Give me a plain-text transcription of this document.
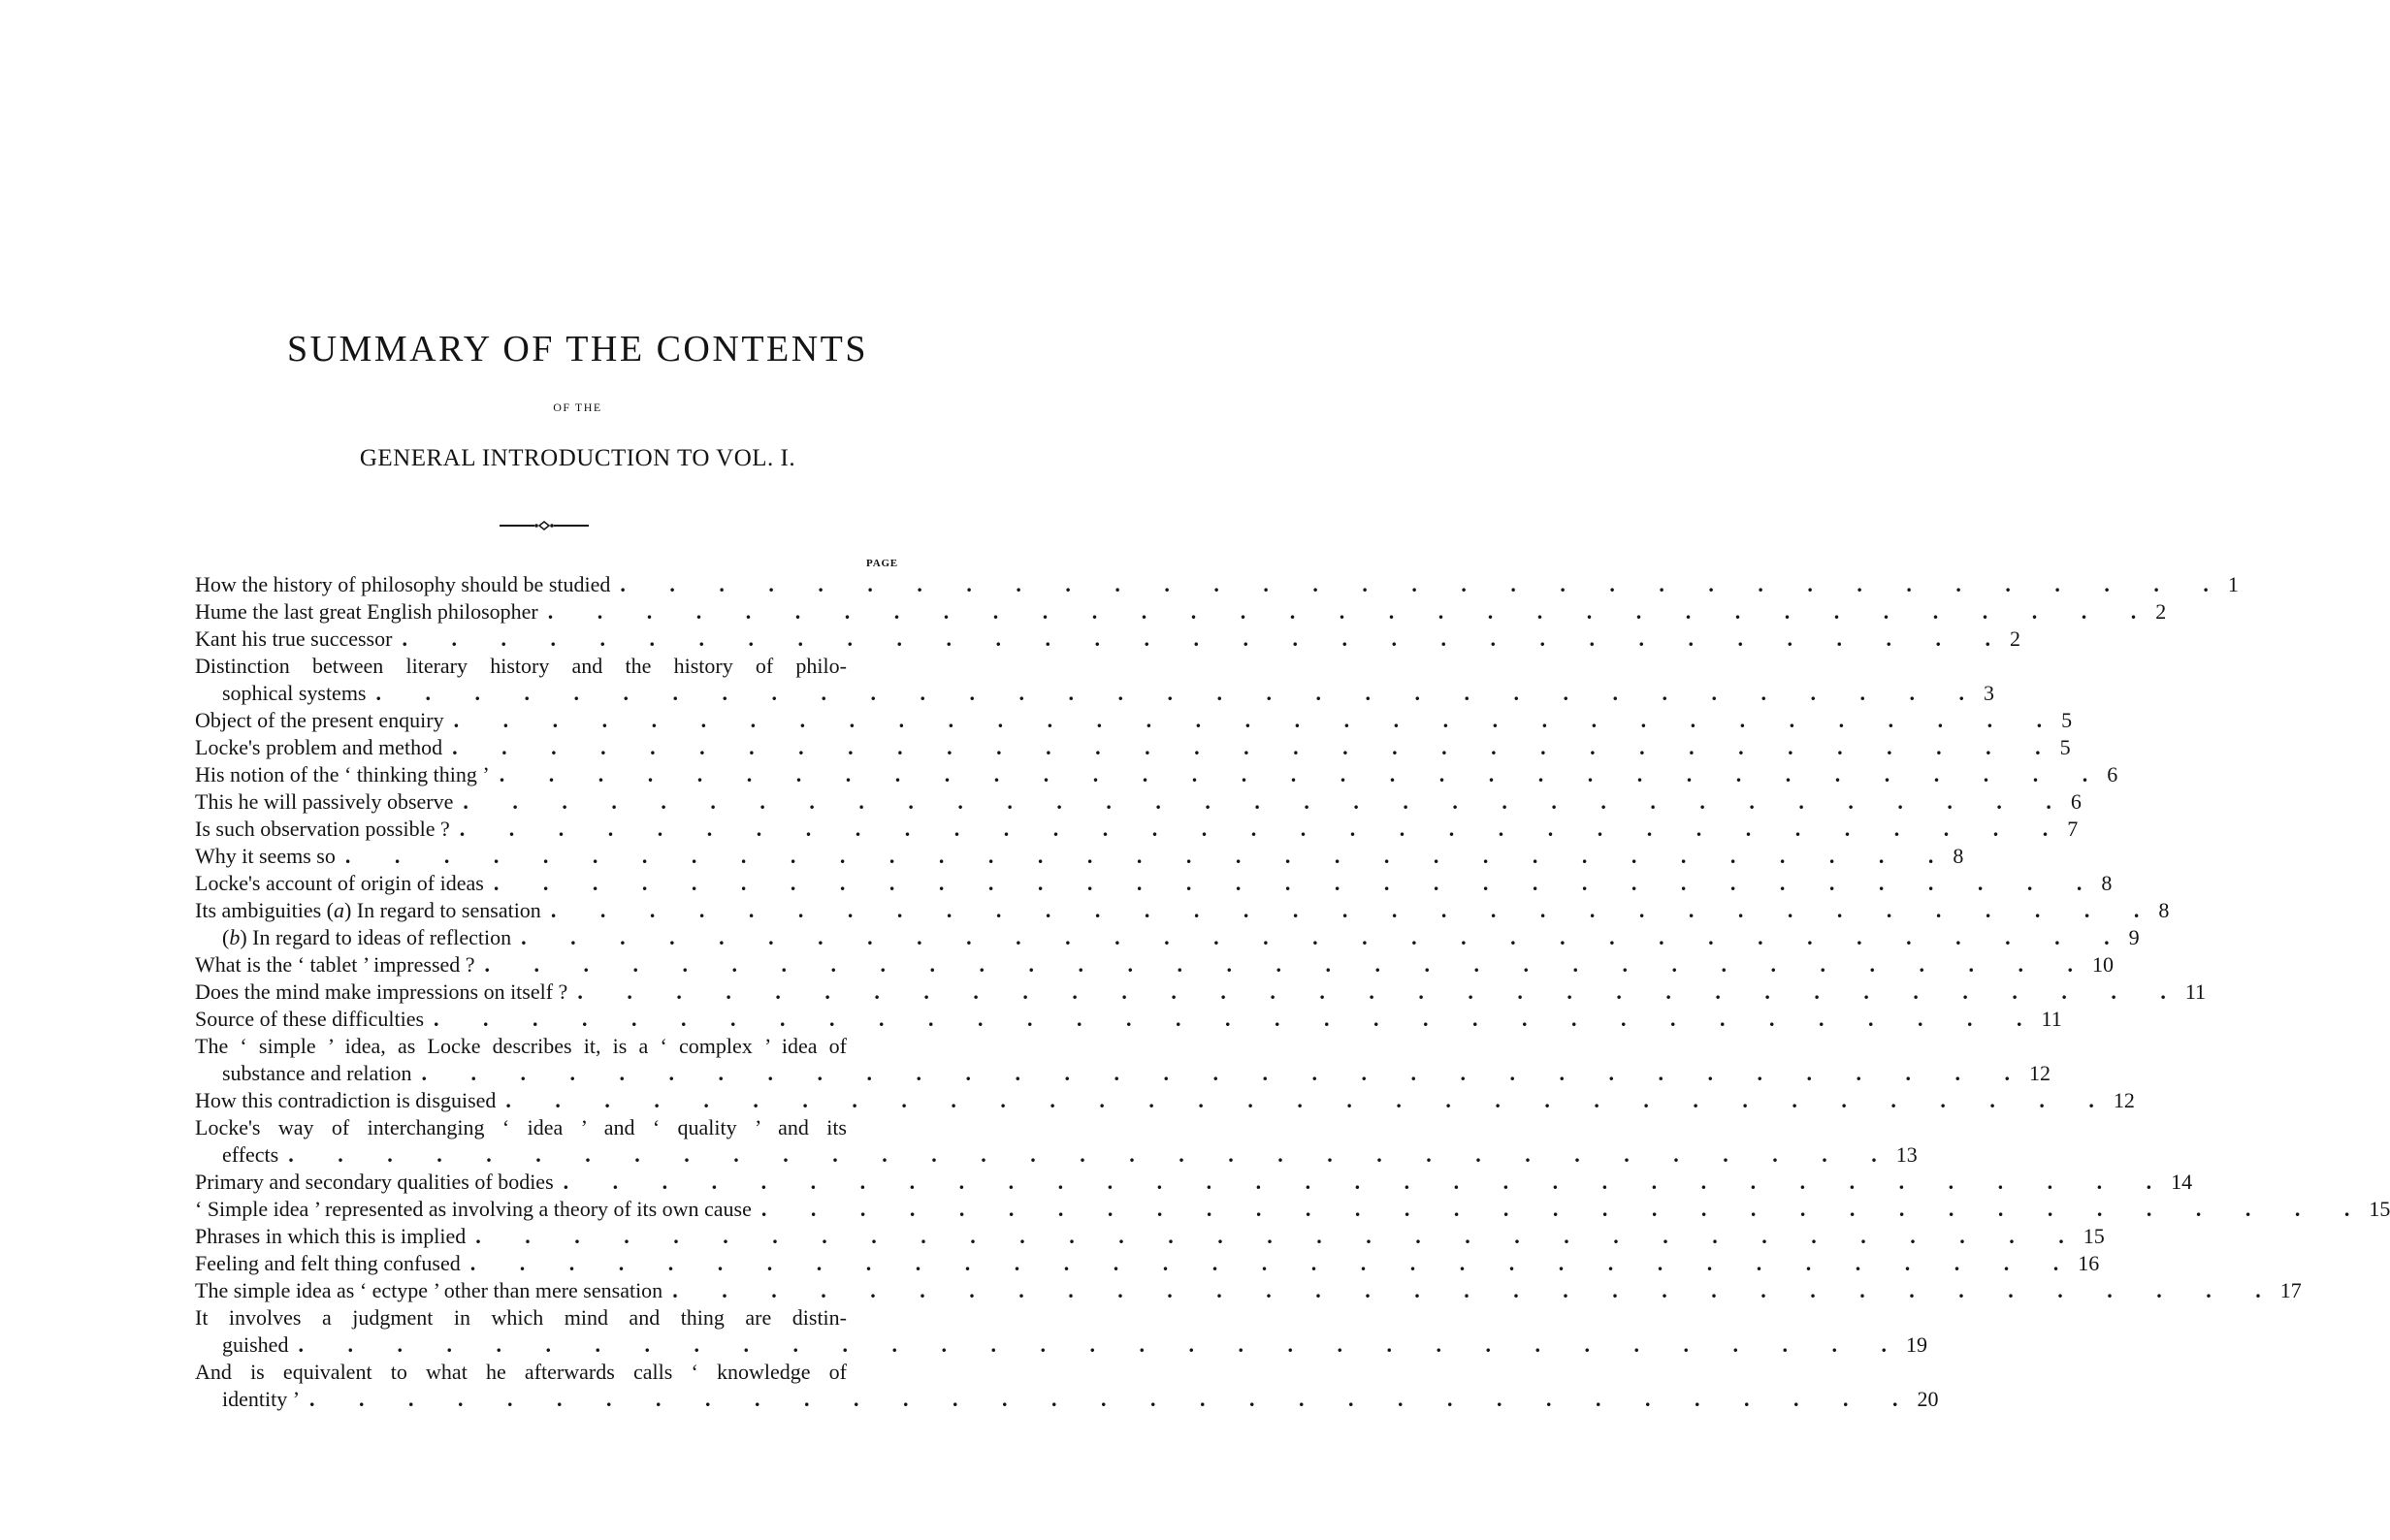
SUMMARY OF THE CONTENTS
OF THE
GENERAL INTRODUCTION TO VOL. I.
PAGE
How the history of philosophy should be studied . . . . . . . . . . . . . . . . . . . . . . . . . . . . . . . . . 1
Hume the last great English philosopher . . . . . . . . . . . . . . . . . . . . . . . . . . . . . . . . . 2
Kant his true successor . . . . . . . . . . . . . . . . . . . . . . . . . . . . . . . . . 2
Distinction between literary history and the history of philo-
sophical systems . . . . . . . . . . . . . . . . . . . . . . . . . . . . . . . . . 3
Object of the present enquiry . . . . . . . . . . . . . . . . . . . . . . . . . . . . . . . . . 5
Locke's problem and method . . . . . . . . . . . . . . . . . . . . . . . . . . . . . . . . . 5
His notion of the ‘ thinking thing ’ . . . . . . . . . . . . . . . . . . . . . . . . . . . . . . . . . 6
This he will passively observe . . . . . . . . . . . . . . . . . . . . . . . . . . . . . . . . . 6
Is such observation possible ? . . . . . . . . . . . . . . . . . . . . . . . . . . . . . . . . . 7
Why it seems so . . . . . . . . . . . . . . . . . . . . . . . . . . . . . . . . . 8
Locke's account of origin of ideas . . . . . . . . . . . . . . . . . . . . . . . . . . . . . . . . . 8
Its ambiguities (a) In regard to sensation . . . . . . . . . . . . . . . . . . . . . . . . . . . . . . . . . 8
(b) In regard to ideas of reflection . . . . . . . . . . . . . . . . . . . . . . . . . . . . . . . . . 9
What is the ‘ tablet ’ impressed ? . . . . . . . . . . . . . . . . . . . . . . . . . . . . . . . . . 10
Does the mind make impressions on itself ? . . . . . . . . . . . . . . . . . . . . . . . . . . . . . . . . . 11
Source of these difficulties . . . . . . . . . . . . . . . . . . . . . . . . . . . . . . . . . 11
The ‘ simple ’ idea, as Locke describes it, is a ‘ complex ’ idea of
substance and relation . . . . . . . . . . . . . . . . . . . . . . . . . . . . . . . . . 12
How this contradiction is disguised . . . . . . . . . . . . . . . . . . . . . . . . . . . . . . . . . 12
Locke's way of interchanging ‘ idea ’ and ‘ quality ’ and its
effects . . . . . . . . . . . . . . . . . . . . . . . . . . . . . . . . . 13
Primary and secondary qualities of bodies . . . . . . . . . . . . . . . . . . . . . . . . . . . . . . . . . 14
‘ Simple idea ’ represented as involving a theory of its own cause . . . . . . . . . . . . . . . . . . . . . . . . . . . . . . . . . 15
Phrases in which this is implied . . . . . . . . . . . . . . . . . . . . . . . . . . . . . . . . . 15
Feeling and felt thing confused . . . . . . . . . . . . . . . . . . . . . . . . . . . . . . . . . 16
The simple idea as ‘ ectype ’ other than mere sensation . . . . . . . . . . . . . . . . . . . . . . . . . . . . . . . . . 17
It involves a judgment in which mind and thing are distin-
guished . . . . . . . . . . . . . . . . . . . . . . . . . . . . . . . . . 19
And is equivalent to what he afterwards calls ‘ knowledge of
identity ’ . . . . . . . . . . . . . . . . . . . . . . . . . . . . . . . . . 20
